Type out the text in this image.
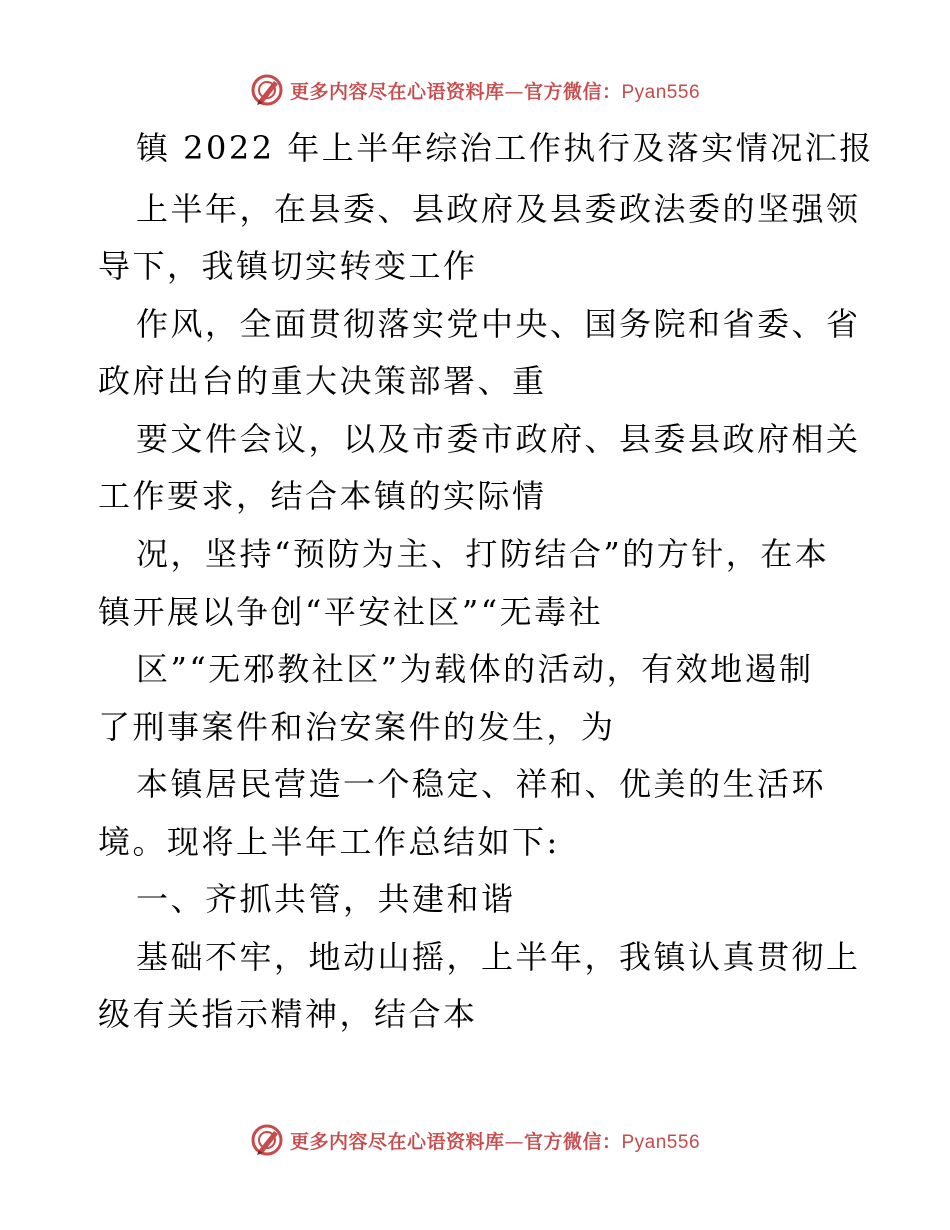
更多内容尽在心语资料库—官方微信：Pyan556
镇 2022 年上半年综治工作执行及落实情况汇报
上半年，在县委、县政府及县委政法委的坚强领
导下，我镇切实转变工作
作风，全面贯彻落实党中央、国务院和省委、省
政府出台的重大决策部署、重
要文件会议，以及市委市政府、县委县政府相关
工作要求，结合本镇的实际情
况，坚持“预防为主、打防结合”的方针，在本
镇开展以争创“平安社区”“无毒社
区”“无邪教社区”为载体的活动，有效地遏制
了刑事案件和治安案件的发生，为
本镇居民营造一个稳定、祥和、优美的生活环
境。现将上半年工作总结如下:
一、齐抓共管，共建和谐
基础不牢，地动山摇，上半年，我镇认真贯彻上
级有关指示精神，结合本
更多内容尽在心语资料库—官方微信：Pyan556
